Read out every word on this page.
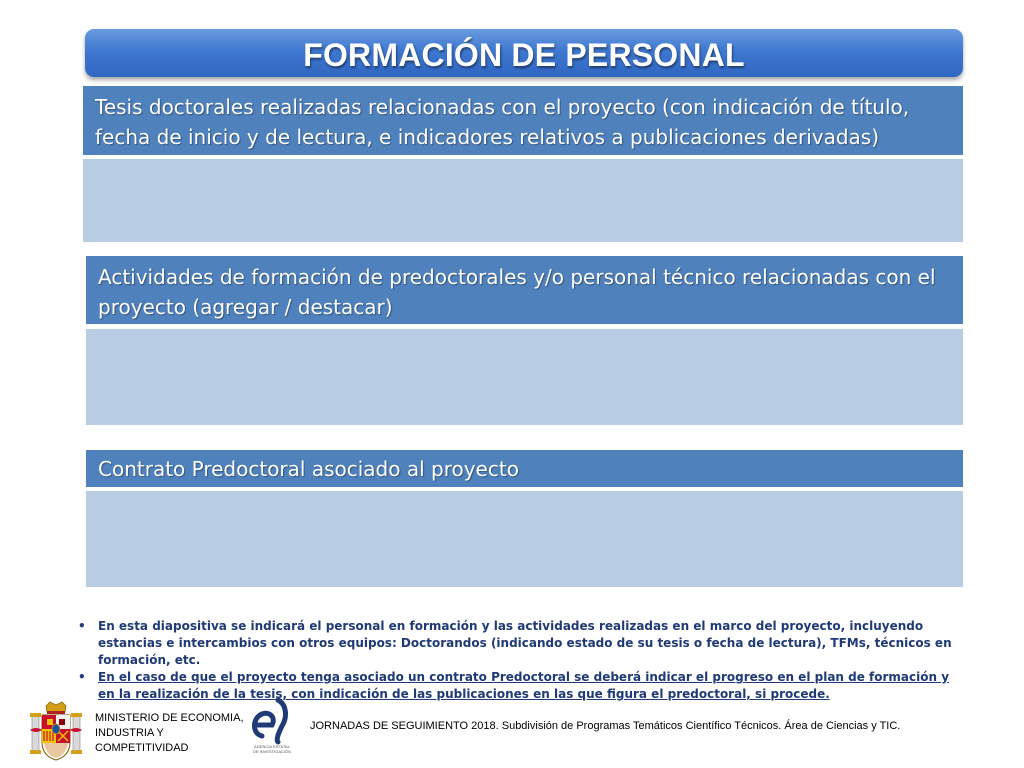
FORMACIÓN DE PERSONAL
Tesis doctorales realizadas relacionadas con el proyecto (con indicación de título, fecha de inicio y de lectura, e indicadores relativos a publicaciones derivadas)
Actividades de formación de predoctorales y/o personal técnico relacionadas con el proyecto (agregar / destacar)
Contrato Predoctoral asociado al proyecto
• En esta diapositiva se indicará el personal en formación y las actividades realizadas en el marco del proyecto, incluyendo estancias e intercambios con otros equipos: Doctorandos (indicando estado de su tesis o fecha de lectura), TFMs, técnicos en formación, etc.
• En el caso de que el proyecto tenga asociado un contrato Predoctoral se deberá indicar el progreso en el plan de formación y en la realización de la tesis, con indicación de las publicaciones en las que figura el predoctoral, si procede.
MINISTERIO DE ECONOMIA,
INDUSTRIA Y
COMPETITIVIDAD	AGENCIA ESTATAL DE INVESTIGACIÓN
JORNADAS DE SEGUIMIENTO 2018. Subdivisión de Programas Temáticos Científico Técnicos. Área de Ciencias y TIC.
